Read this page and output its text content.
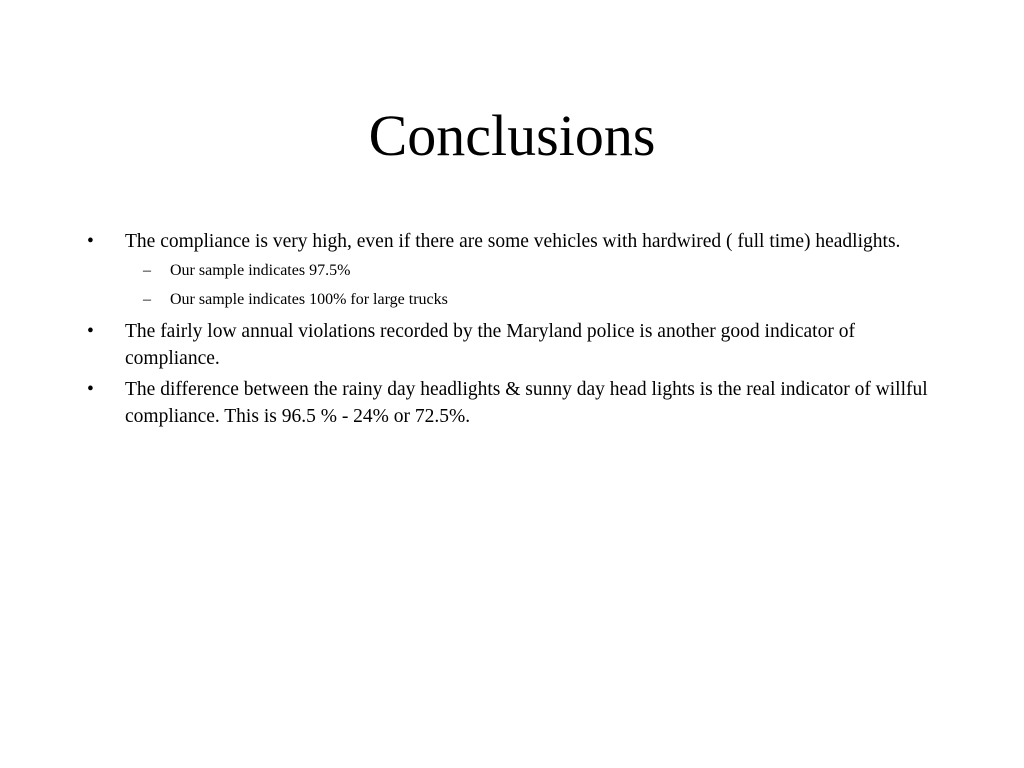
Conclusions
• The compliance is very high, even if there are some vehicles with hardwired ( full time) headlights.
– Our sample indicates 97.5%
– Our sample indicates 100% for large trucks
• The fairly low annual violations recorded by the Maryland police is another good indicator of compliance.
• The difference between the rainy day headlights & sunny day head lights is the real indicator of willful compliance. This is 96.5 % - 24% or 72.5%.
